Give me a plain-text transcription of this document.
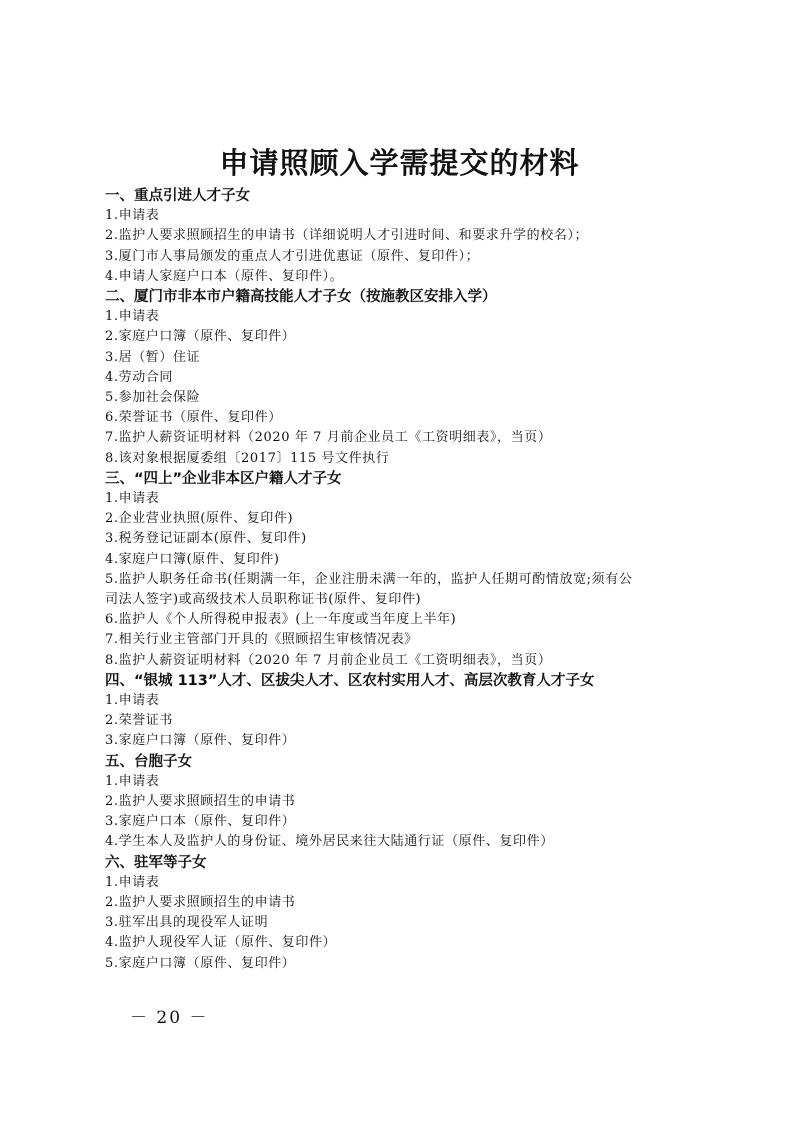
申请照顾入学需提交的材料
一、重点引进人才子女
1.申请表
2.监护人要求照顾招生的申请书（详细说明人才引进时间、和要求升学的校名）；
3.厦门市人事局颁发的重点人才引进优惠证（原件、复印件）；
4.申请人家庭户口本（原件、复印件）。
二、厦门市非本市户籍高技能人才子女（按施教区安排入学）
1.申请表
2.家庭户口簿（原件、复印件）
3.居（暂）住证
4.劳动合同
5.参加社会保险
6.荣誉证书（原件、复印件）
7.监护人薪资证明材料（2020 年 7 月前企业员工《工资明细表》，当页）
8.该对象根据厦委组〔2017〕115 号文件执行
三、“四上”企业非本区户籍人才子女
1.申请表
2.企业营业执照(原件、复印件)
3.税务登记证副本(原件、复印件)
4.家庭户口簿(原件、复印件)
5.监护人职务任命书(任期满一年，企业注册未满一年的，监护人任期可酌情放宽;须有公司法人签字)或高级技术人员职称证书(原件、复印件)
6.监护人《个人所得税申报表》(上一年度或当年度上半年)
7.相关行业主管部门开具的《照顾招生审核情况表》
8.监护人薪资证明材料（2020 年 7 月前企业员工《工资明细表》，当页）
四、“银城 113”人才、区拔尖人才、区农村实用人才、高层次教育人才子女
1.申请表
2.荣誉证书
3.家庭户口簿（原件、复印件）
五、台胞子女
1.申请表
2.监护人要求照顾招生的申请书
3.家庭户口本（原件、复印件）
4.学生本人及监护人的身份证、境外居民来往大陆通行证（原件、复印件）
六、驻军等子女
1.申请表
2.监护人要求照顾招生的申请书
3.驻军出具的现役军人证明
4.监护人现役军人证（原件、复印件）
5.家庭户口簿（原件、复印件）
－ 20 －
